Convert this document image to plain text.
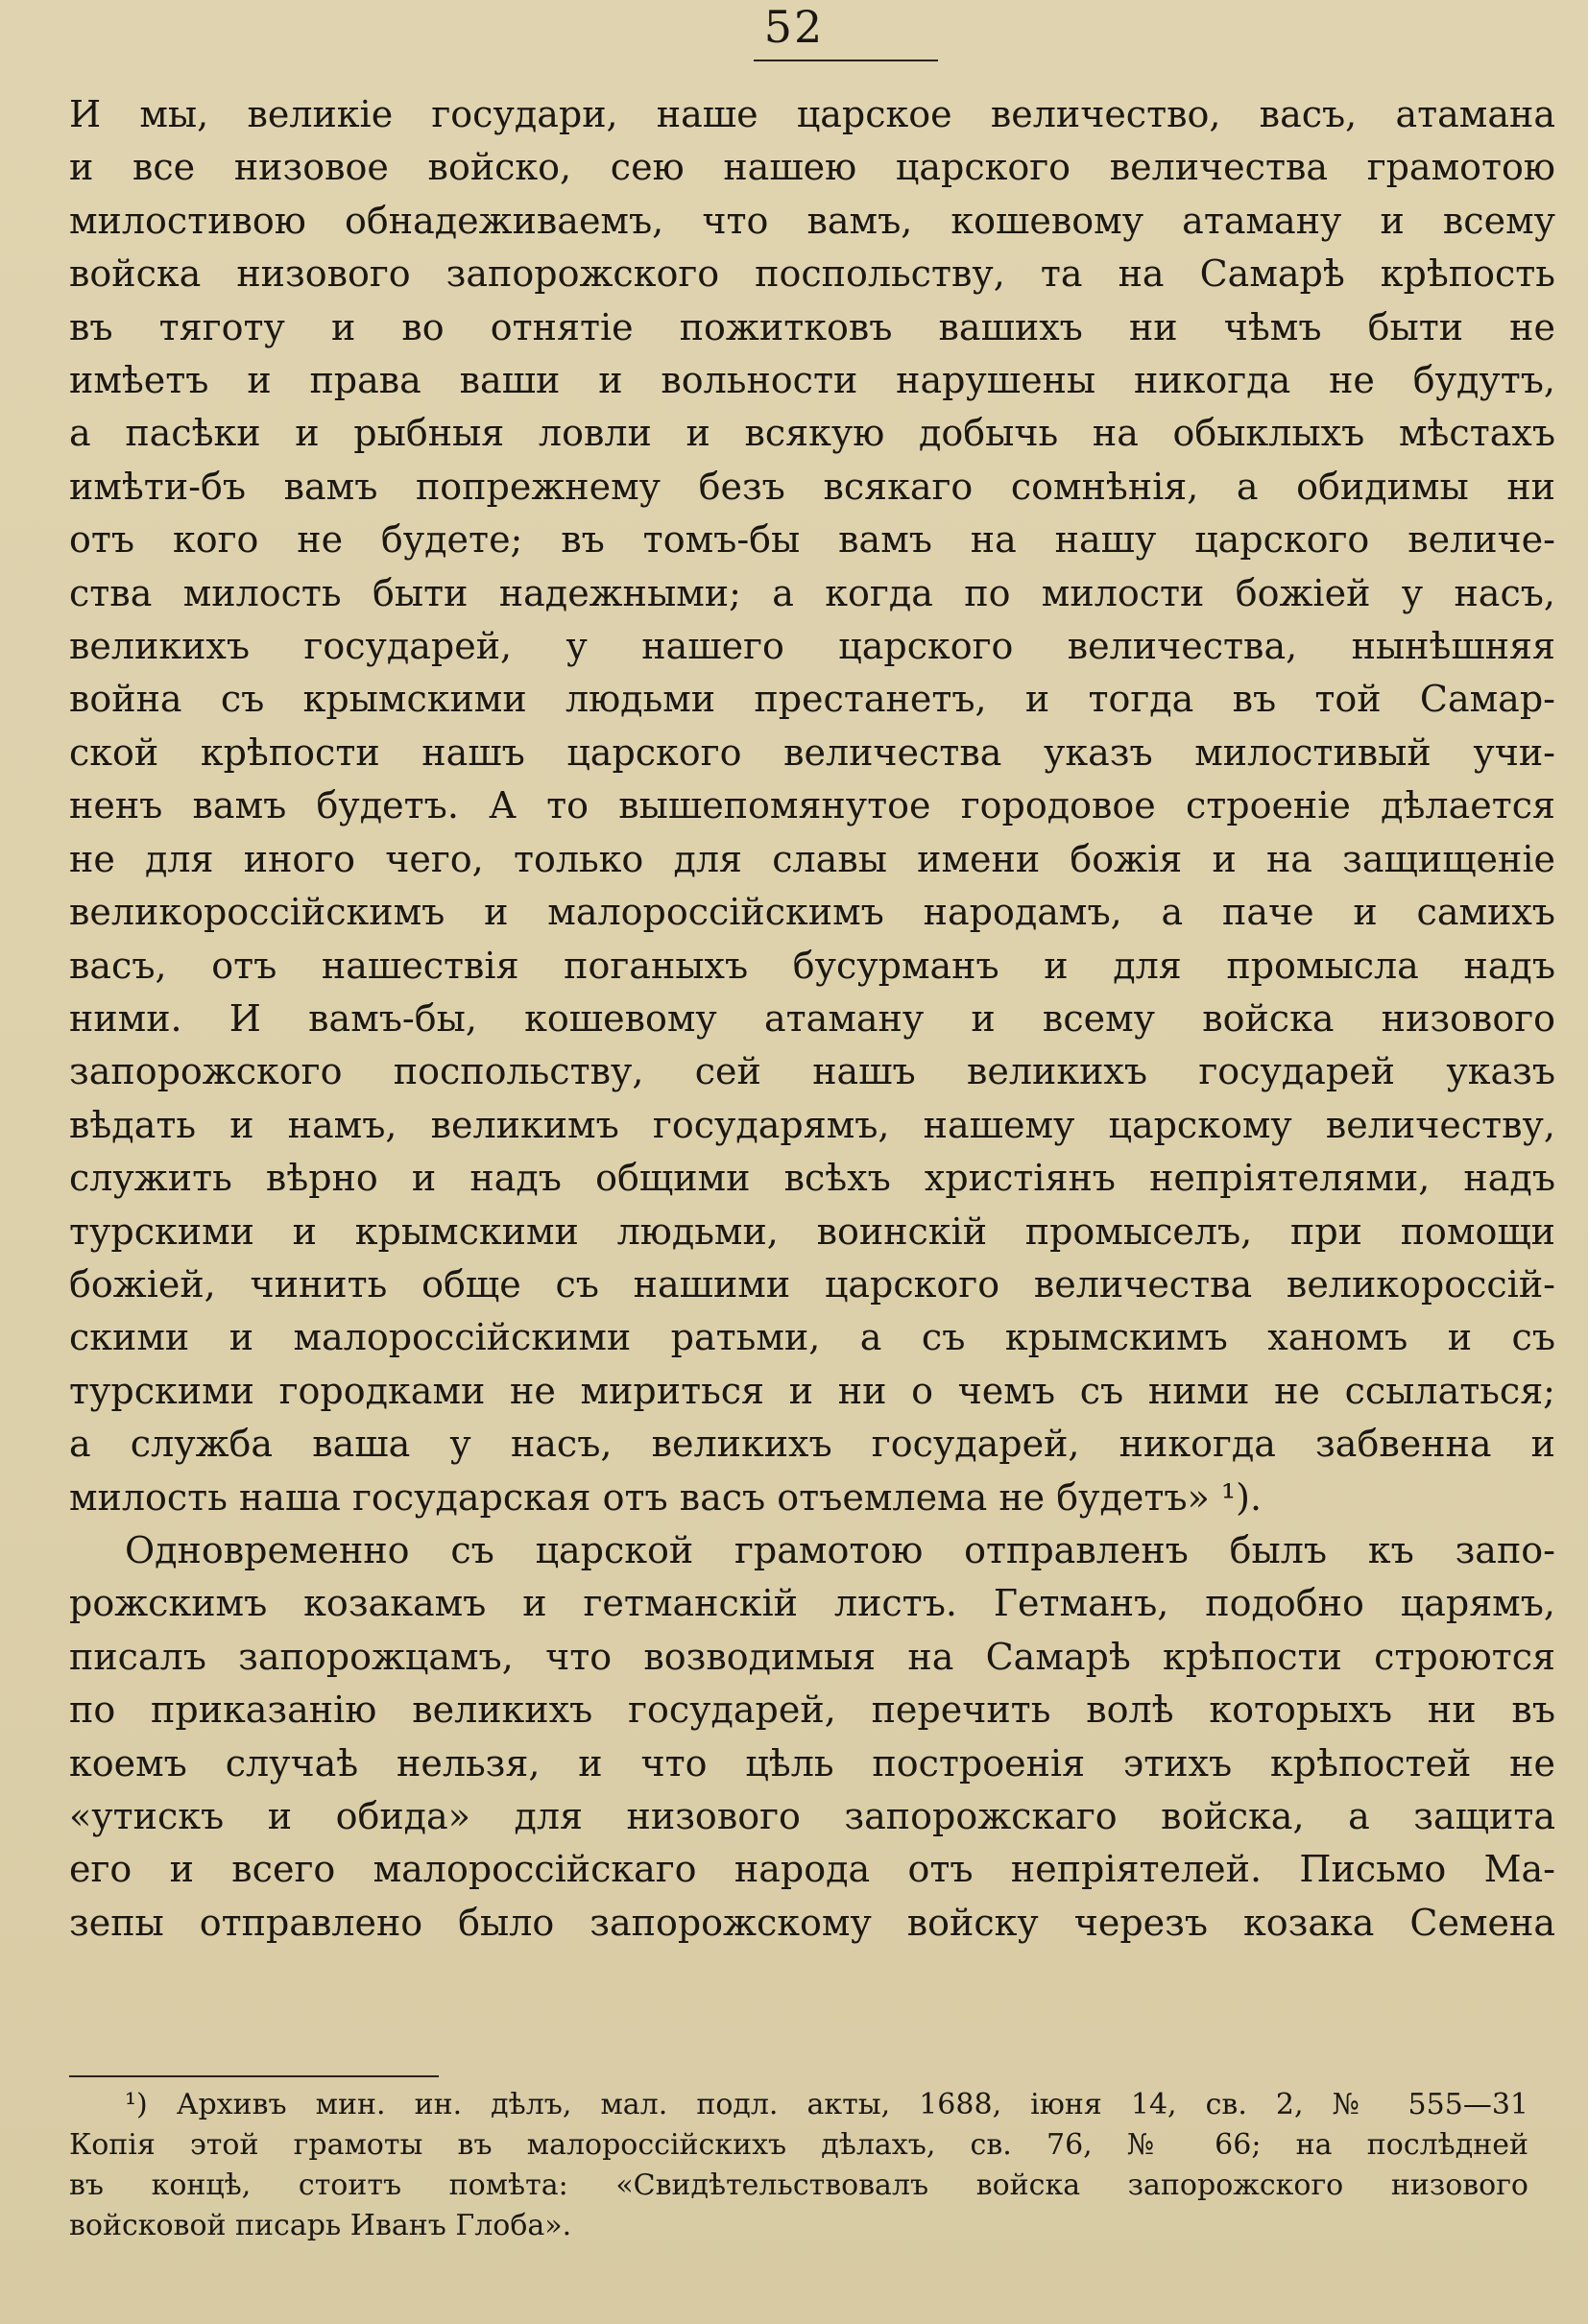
52
И мы, великіе государи, наше царское величество, васъ, атамана
и все низовое войско, сею нашею царского величества грамотою
милостивою обнадеживаемъ, что вамъ, кошевому атаману и всему
войска низового запорожского поспольству, та на Самарѣ крѣпость
въ тяготу и во отнятіе пожитковъ вашихъ ни чѣмъ быти не
имѣетъ и права ваши и вольности нарушены никогда не будутъ,
а пасѣки и рыбныя ловли и всякую добычь на обыклыхъ мѣстахъ
имѣти-бъ вамъ попрежнему безъ всякаго сомнѣнія, а обидимы ни
отъ кого не будете; въ томъ-бы вамъ на нашу царского величе-
ства милость быти надежными; а когда по милости божіей у насъ,
великихъ государей, у нашего царского величества, нынѣшняя
война съ крымскими людьми престанетъ, и тогда въ той Самар-
ской крѣпости нашъ царского величества указъ милостивый учи-
ненъ вамъ будетъ. А то вышепомянутое городовое строеніе дѣлается
не для иного чего, только для славы имени божія и на защищеніе
великороссійскимъ и малороссійскимъ народамъ, а паче и самихъ
васъ, отъ нашествія поганыхъ бусурманъ и для промысла надъ
ними. И вамъ-бы, кошевому атаману и всему войска низового
запорожского поспольству, сей нашъ великихъ государей указъ
вѣдать и намъ, великимъ государямъ, нашему царскому величеству,
служить вѣрно и надъ общими всѣхъ христіянъ непріятелями, надъ
турскими и крымскими людьми, воинскій промыселъ, при помощи
божіей, чинить обще съ нашими царского величества великороссій-
скими и малороссійскими ратьми, а съ крымскимъ ханомъ и съ
турскими городками не мириться и ни о чемъ съ ними не ссылаться;
а служба ваша у насъ, великихъ государей, никогда забвенна и
милость наша государская отъ васъ отъемлема не будетъ» ¹).
Одновременно съ царской грамотою отправленъ былъ къ запо-
рожскимъ козакамъ и гетманскій листъ. Гетманъ, подобно царямъ,
писалъ запорожцамъ, что возводимыя на Самарѣ крѣпости строются
по приказанію великихъ государей, перечить волѣ которыхъ ни въ
коемъ случаѣ нельзя, и что цѣль построенія этихъ крѣпостей не
«утискъ и обида» для низового запорожскаго войска, а защита
его и всего малороссійскаго народа отъ непріятелей. Письмо Ма-
зепы отправлено было запорожскому войску черезъ козака Семена
¹) Архивъ мин. ин. дѣлъ, мал. подл. акты, 1688, іюня 14, св. 2, № 555—31
Копія этой грамоты въ малороссійскихъ дѣлахъ, св. 76, № 66; на послѣдней
въ концѣ, стоитъ помѣта: «Свидѣтельствовалъ войска запорожского низового
войсковой писарь Иванъ Глоба».
